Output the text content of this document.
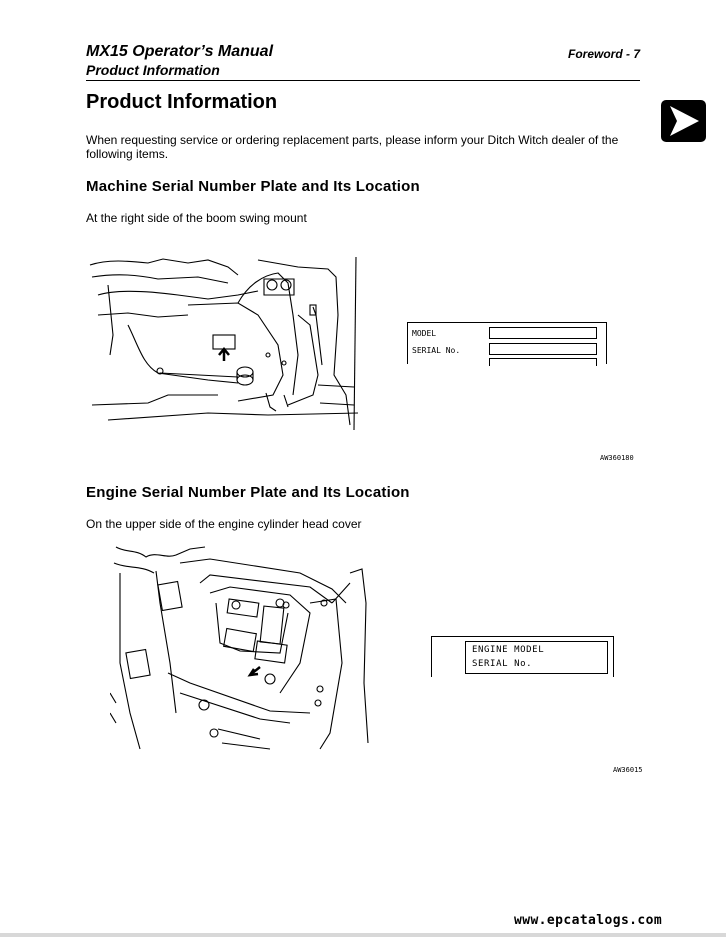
MX15 Operator’s Manual
Product Information
Foreword - 7
Product Information
When requesting service or ordering replacement parts, please inform your Ditch Witch dealer of the following items.
Machine Serial Number Plate and Its Location
At the right side of the boom swing mount
MODEL
SERIAL No.
AW360180
Engine Serial Number Plate and Its Location
On the upper side of the engine cylinder head cover
ENGINE MODEL
SERIAL No.
AW36015
www.epcatalogs.com
